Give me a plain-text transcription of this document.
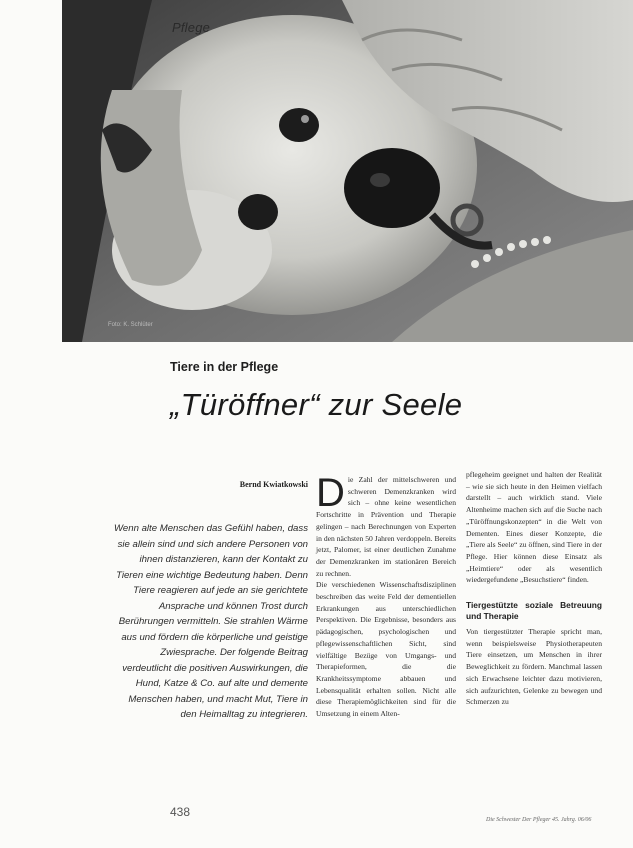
Pflege
Foto: K. Schlüter
Tiere in der Pflege
„Türöffner“ zur Seele
Bernd Kwiatkowski
Wenn alte Menschen das Gefühl haben, dass sie allein sind und sich andere Personen von ihnen distanzieren, kann der Kontakt zu Tieren eine wichtige Bedeutung haben. Denn Tiere reagieren auf jede an sie gerichtete Ansprache und können Trost durch Berührungen vermitteln. Sie strahlen Wärme aus und fördern die körperliche und geistige Zwiesprache. Der folgende Beitrag verdeutlicht die positiven Auswirkungen, die Hund, Katze & Co. auf alte und demente Menschen haben, und macht Mut, Tiere in den Heimalltag zu integrieren.
D ie Zahl der mittelschweren und schweren Demenzkranken wird sich – ohne keine wesentlichen Fortschritte in Prävention und Therapie gelingen – nach Berechnungen von Experten in den nächsten 50 Jahren verdoppeln. Bereits jetzt, Palomer, ist einer deutlichen Zunahme der Demenzkranken im stationären Bereich zu rechnen.

Die verschiedenen Wissenschaftsdisziplinen beschreiben das weite Feld der dementiellen Erkrankungen aus unterschiedlichen Perspektiven. Die Ergebnisse, besonders aus pädagogischen, psychologischen und pflegewissenschaftlichen Sicht, sind vielfältige Bezüge von Umgangs- und Therapieformen, die die Krankheitssymptome abbauen und Lebensqualität erhalten sollen. Nicht alle diese Therapiemöglichkeiten sind für die Umsetzung in einem Alten-

pflegeheim geeignet und halten der Realität – wie sie sich heute in den Heimen vielfach darstellt – auch wirklich stand. Viele Altenheime machen sich auf die Suche nach „Türöffnungskonzepten“ in die Welt von Dementen. Eines dieser Konzepte, die „Tiere als Seele“ zu öffnen, sind Tiere in der Pflege. Hier können diese Einsatz als „Heimtiere“ oder als wesentlich wiedergefundene „Besuchstiere“ finden.

Tiergestützte soziale Betreuung und Therapie

Von tiergestützter Therapie spricht man, wenn beispielsweise Physiotherapeuten Tiere einsetzen, um Menschen in ihrer Beweglichkeit zu fördern. Manchmal lassen sich Erwachsene leichter dazu motivieren, sich aufzurichten, Gelenke zu bewegen und Schmerzen zu

438
Die Schwester Der Pfleger 45. Jahrg. 06/06
